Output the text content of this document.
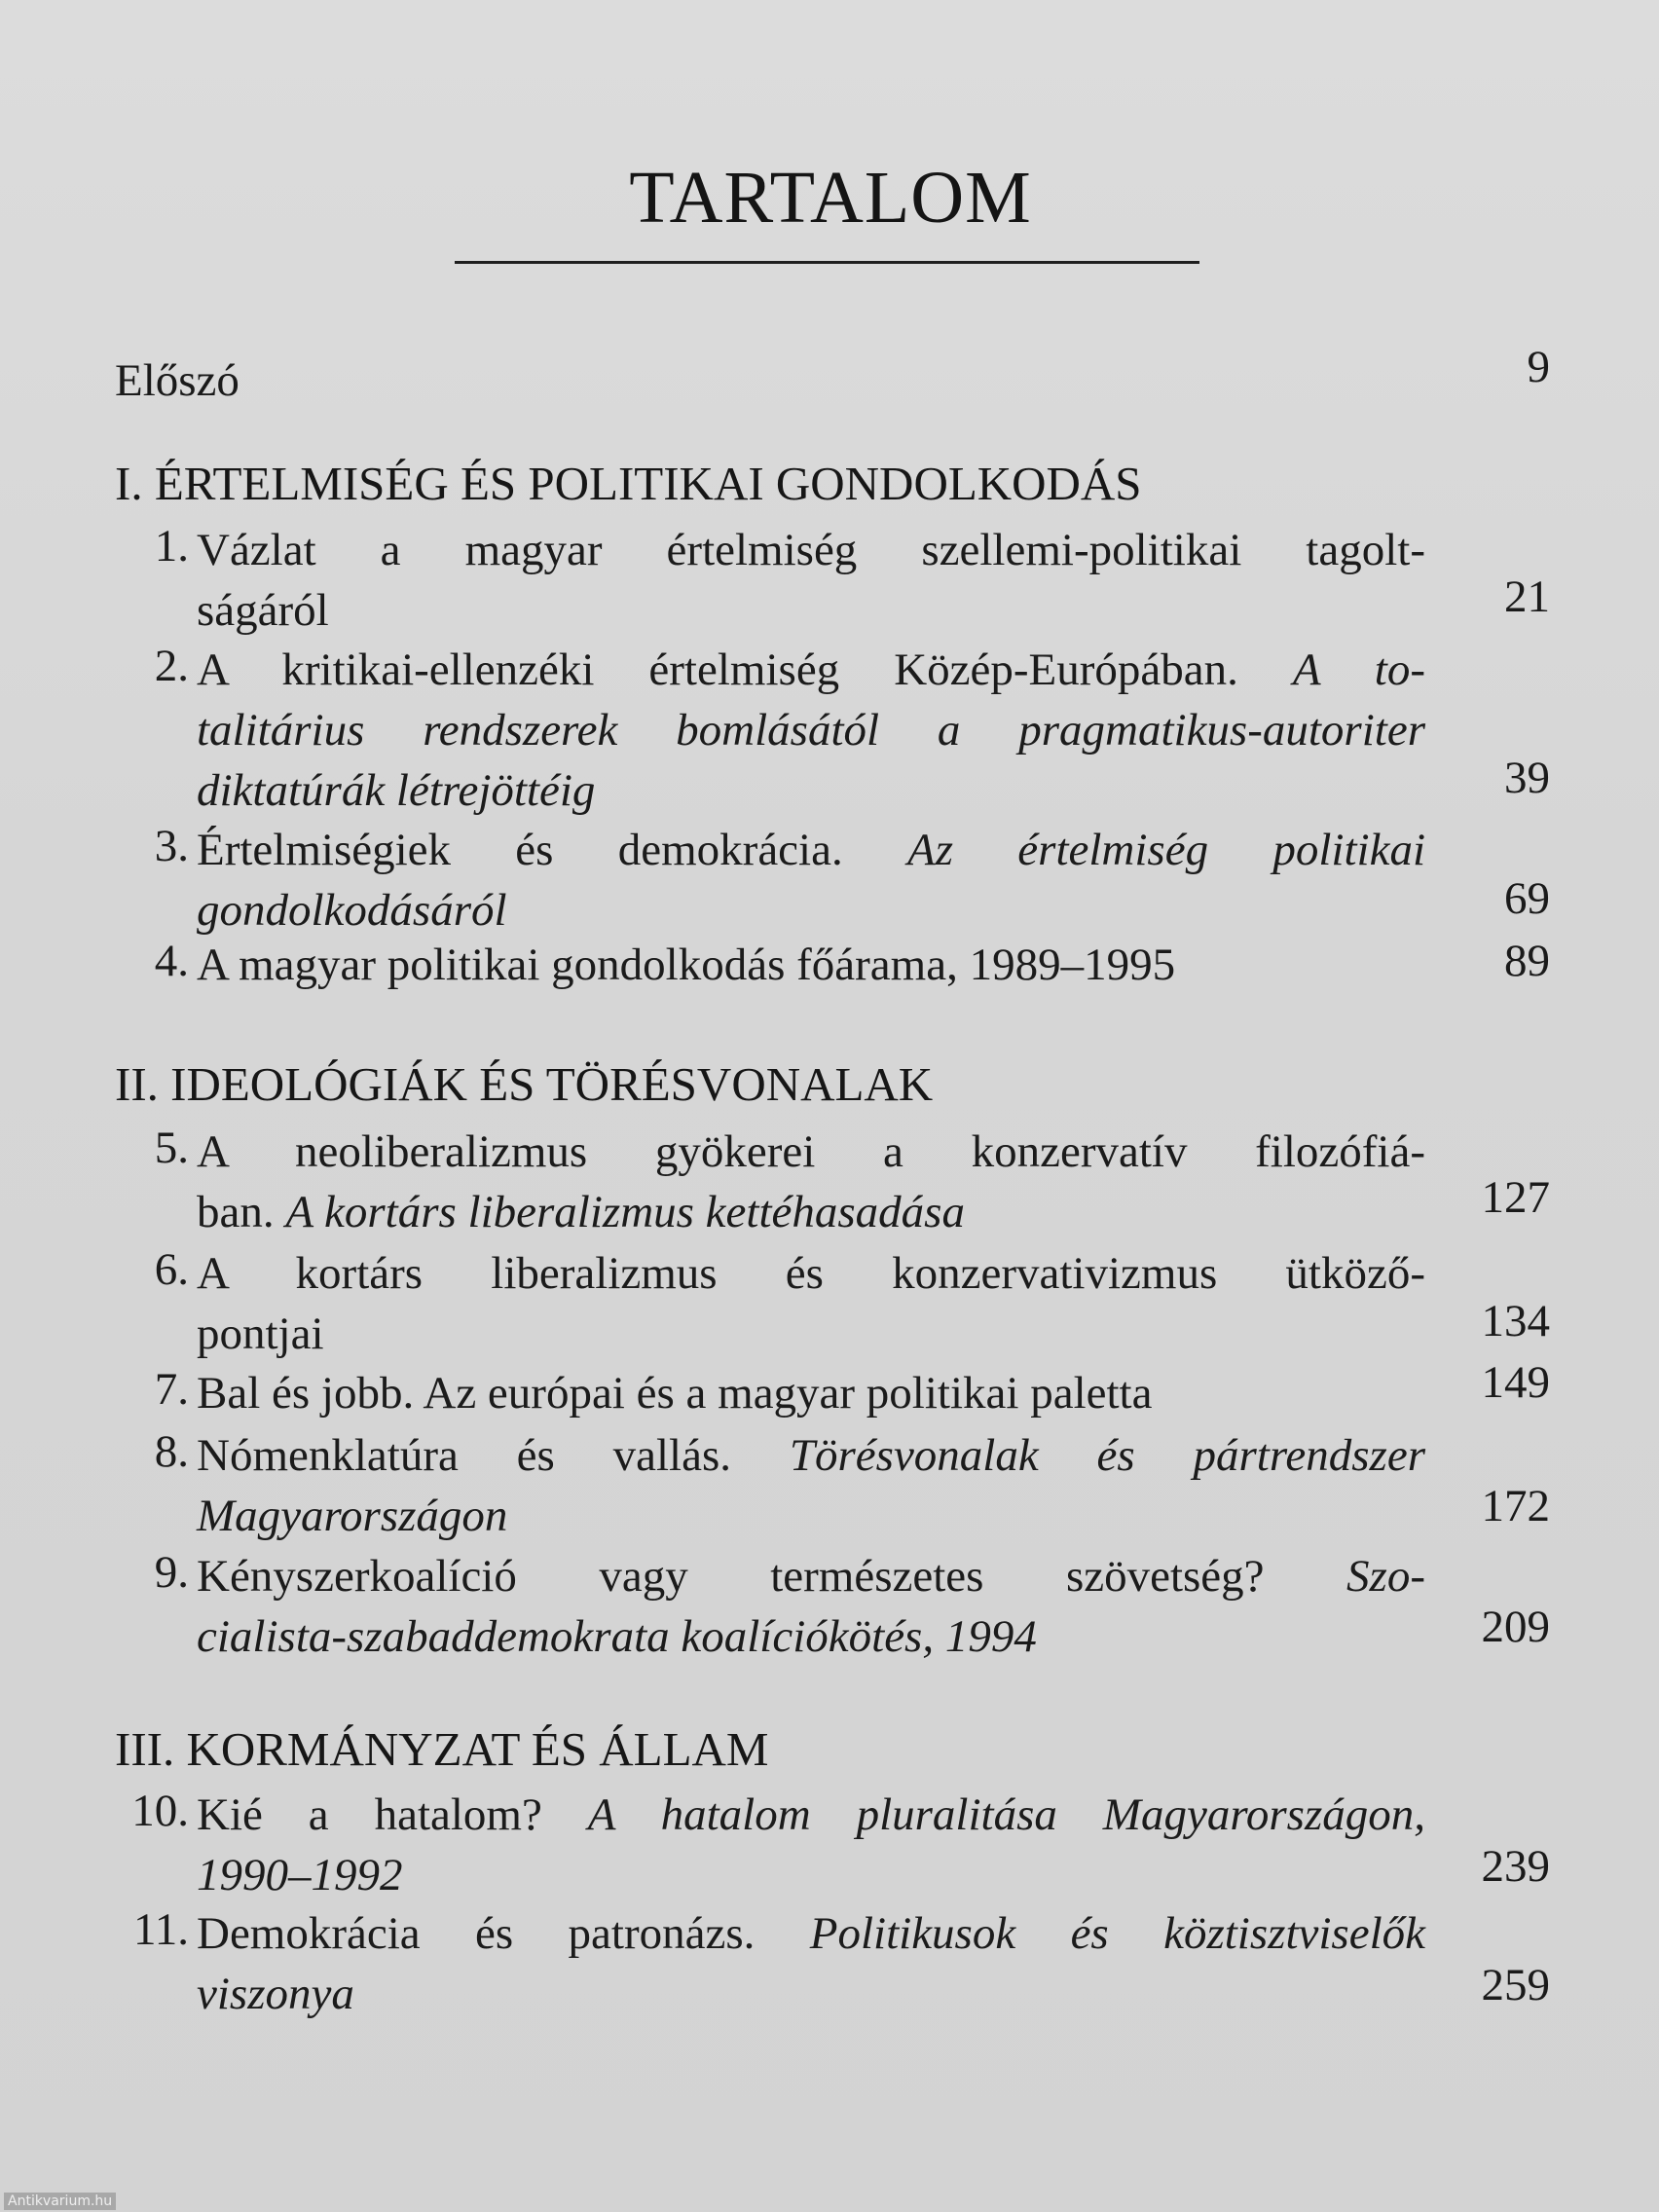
TARTALOM
Előszó	9
I. ÉRTELMISÉG ÉS POLITIKAI GONDOLKODÁS
1. Vázlat a magyar értelmiség szellemi-politikai tagolt-
ságáról	21
2. A kritikai-ellenzéki értelmiség Közép-Európában. A to-
talitárius rendszerek bomlásától a pragmatikus-autoriter
diktatúrák létrejöttéig	39
3. Értelmiségiek és demokrácia. Az értelmiség politikai
gondolkodásáról	69
4. A magyar politikai gondolkodás főárama, 1989–1995	89
II. IDEOLÓGIÁK ÉS TÖRÉSVONALAK
5. A neoliberalizmus gyökerei a konzervatív filozófiá-
ban. A kortárs liberalizmus kettéhasadása	127
6. A kortárs liberalizmus és konzervativizmus ütköző-
pontjai	134
7. Bal és jobb. Az európai és a magyar politikai paletta	149
8. Nómenklatúra és vallás. Törésvonalak és pártrendszer
Magyarországon	172
9. Kényszerkoalíció vagy természetes szövetség? Szo-
cialista-szabaddemokrata koalíciókötés, 1994	209
III. KORMÁNYZAT ÉS ÁLLAM
10. Kié a hatalom? A hatalom pluralitása Magyarországon,
1990–1992	239
11. Demokrácia és patronázs. Politikusok és köztisztviselők
viszonya	259
Antikvarium.hu
